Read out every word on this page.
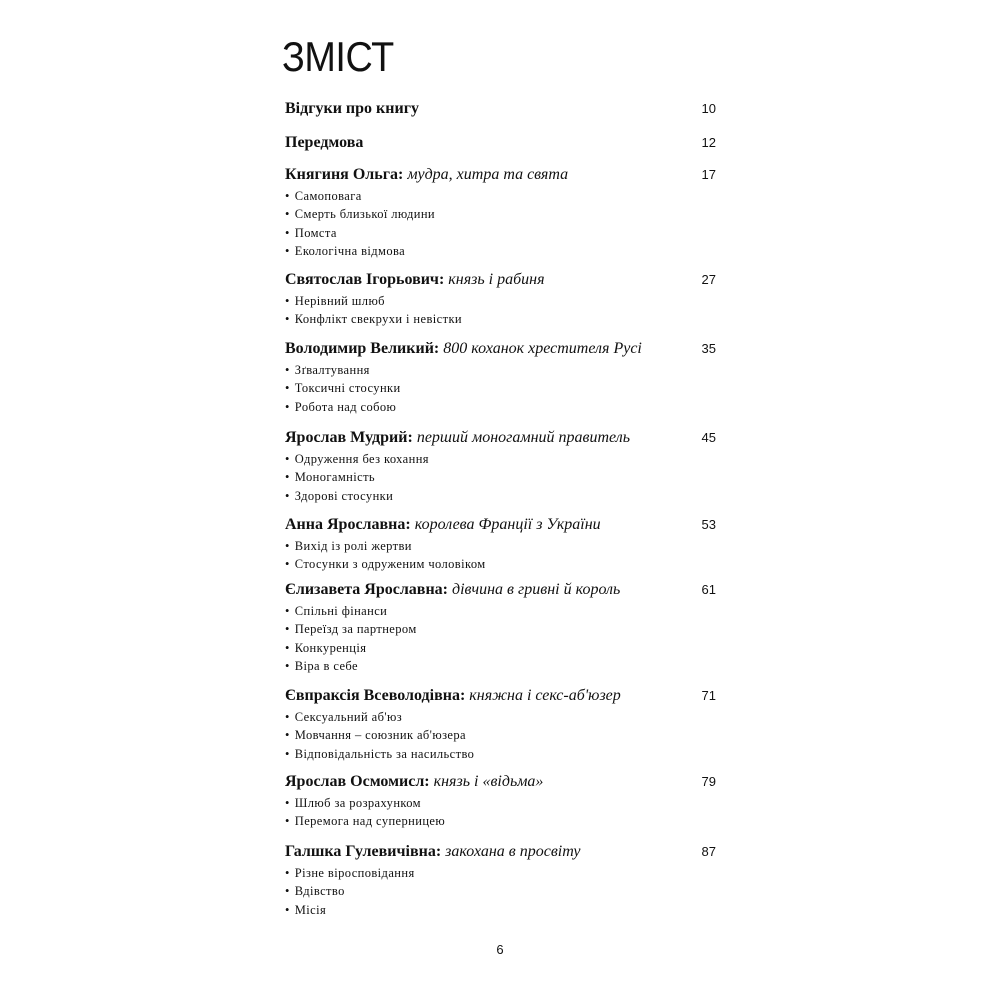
ЗМІСТ
Відгуки про книгу	10
Передмова	12
Княгиня Ольга: мудра, хитра та свята	17
• Самоповага
• Смерть близької людини
• Помста
• Екологічна відмова
Святослав Ігорьович: князь і рабиня	27
• Нерівний шлюб
• Конфлікт свекрухи і невістки
Володимир Великий: 800 коханок хрестителя Русі	35
• Зґвалтування
• Токсичні стосунки
• Робота над собою
Ярослав Мудрий: перший моногамний правитель	45
• Одруження без кохання
• Моногамність
• Здорові стосунки
Анна Ярославна: королева Франції з України	53
• Вихід із ролі жертви
• Стосунки з одруженим чоловіком
Єлизавета Ярославна: дівчина в гривні й король	61
• Спільні фінанси
• Переїзд за партнером
• Конкуренція
• Віра в себе
Євпраксія Всеволодівна: княжна і секс-аб'юзер	71
• Сексуальний аб'юз
• Мовчання – союзник аб'юзера
• Відповідальність за насильство
Ярослав Осмомисл: князь і «відьма»	79
• Шлюб за розрахунком
• Перемога над суперницею
Галшка Гулевичівна: закохана в просвіту	87
• Різне віросповідання
• Вдівство
• Місія
6
